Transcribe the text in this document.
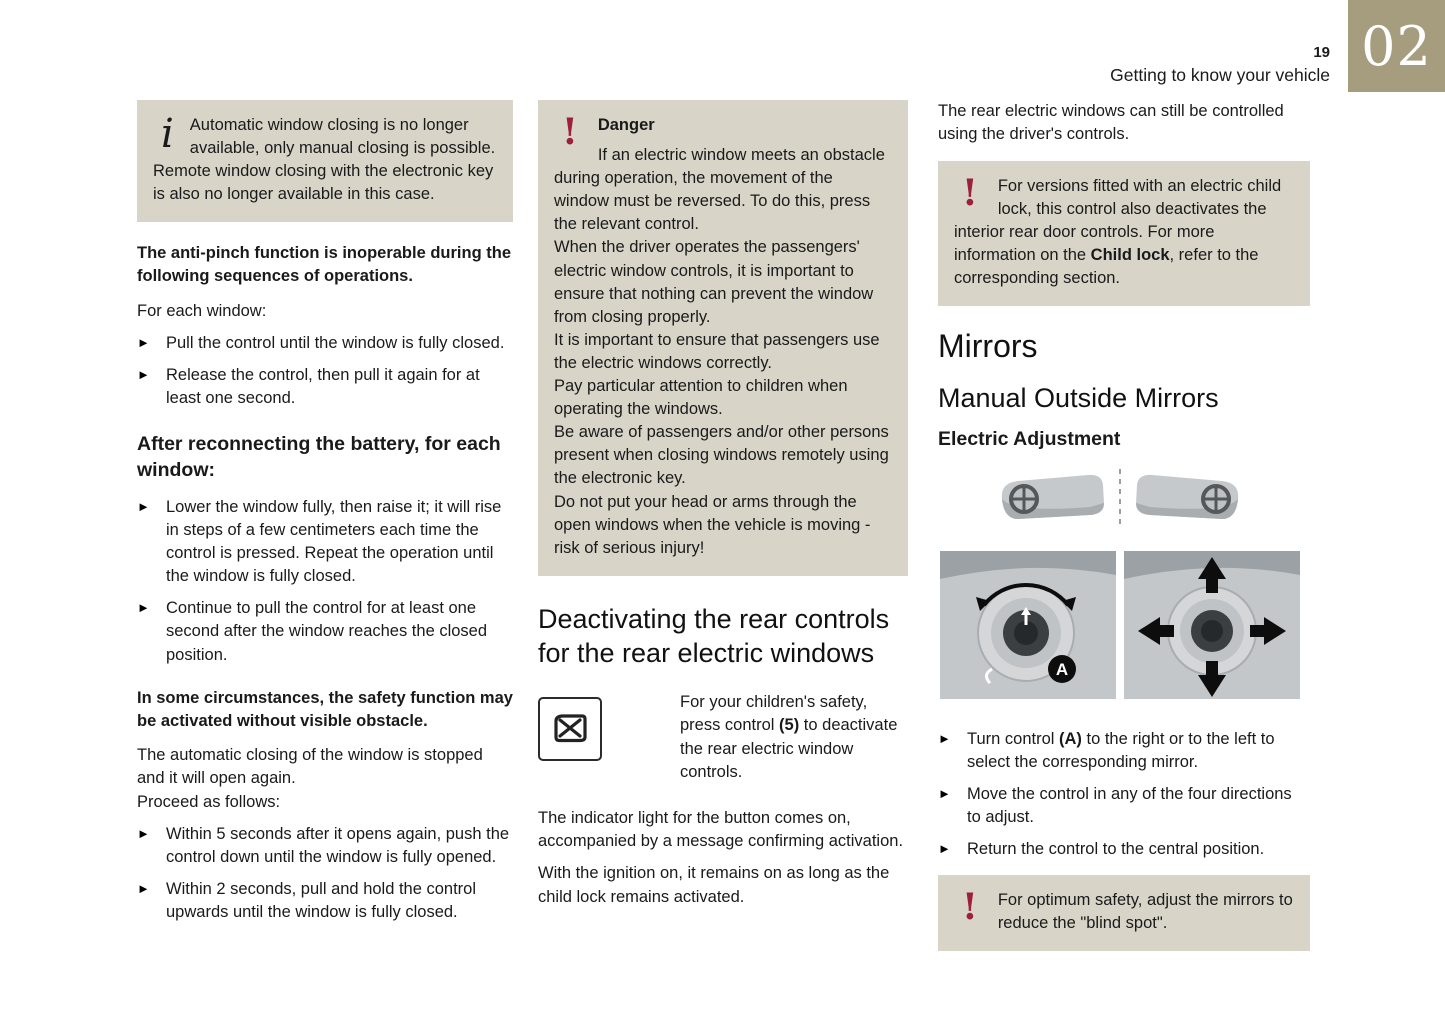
19
Getting to know your vehicle 02
i Automatic window closing is no longer available, only manual closing is possible.

Remote window closing with the electronic key is also no longer available in this case.

The anti-pinch function is inoperable during the following sequences of operations.

For each window:

► Pull the control until the window is fully closed.
► Release the control, then pull it again for at least one second.
After reconnecting the battery, for each window:
► Lower the window fully, then raise it; it will rise in steps of a few centimeters each time the control is pressed. Repeat the operation until the window is fully closed.
► Continue to pull the control for at least one second after the window reaches the closed position.
In some circumstances, the safety function may be activated without visible obstacle.

The automatic closing of the window is stopped and it will open again.

Proceed as follows:

► Within 5 seconds after it opens again, push the control down until the window is fully opened.
► Within 2 seconds, pull and hold the control upwards until the window is fully closed.
!	Danger

If an electric window meets an obstacle during operation, the movement of the window must be reversed. To do this, press the relevant control.

When the driver operates the passengers' electric window controls, it is important to ensure that nothing can prevent the window from closing properly.

It is important to ensure that passengers use the electric windows correctly.

Pay particular attention to children when operating the windows.

Be aware of passengers and/or other persons present when closing windows remotely using the electronic key.

Do not put your head or arms through the open windows when the vehicle is moving - risk of serious injury!

Deactivating the rear controls for the rear electric windows
For your children's safety, press control (5) to deactivate the rear electric window controls.

The indicator light for the button comes on, accompanied by a message confirming activation.

With the ignition on, it remains on as long as the child lock remains activated.

The rear electric windows can still be controlled using the driver's controls.

!	For versions fitted with an electric child lock, this control also deactivates the interior rear door controls. For more information on the Child lock, refer to the corresponding section.

Mirrors
Manual Outside Mirrors
Electric Adjustment
A
► Turn control (A) to the right or to the left to select the corresponding mirror.
► Move the control in any of the four directions to adjust.
► Return the control to the central position.
!	For optimum safety, adjust the mirrors to reduce the "blind spot".
